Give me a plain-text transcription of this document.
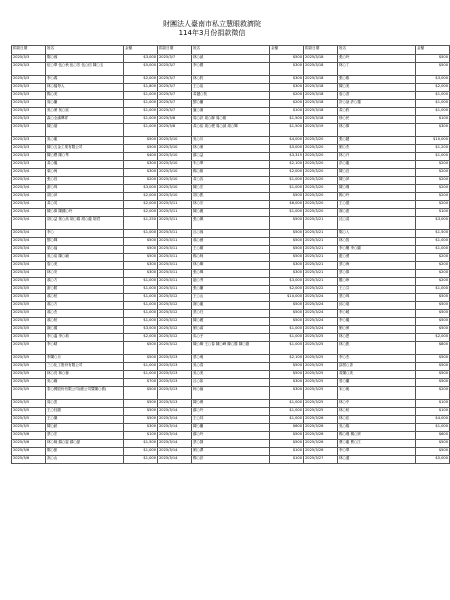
財團法人臺南市私立慧眼救濟院
114年3月份捐款徵信
捐款日期	姓名	金額	捐款日期	姓名	金額	捐款日期	姓名	金額
2025/3/3	鄭○蓉	$3,000	2025/3/7	林○誠	$500	2025/3/18	張○玲	$500
2025/3/3	伍○華 伍○秋 伍○芳 伍○信 陳○玉	$5,000	2025/3/7	李○國	$300	2025/3/18	林○丁	$500
2025/3/3	李○義	$2,000	2025/3/7	林○鈞	$300	2025/3/18	張○雄	$3,000
2025/3/3	林○檔每人	$1,800	2025/3/7	王○宸	$300	2025/3/18	陳○美	$2,000
2025/3/3	楊○美	$1,000	2025/3/7	黃鍵○枝	$200	2025/3/18	詹○香	$1,000
2025/3/3	周○蘭	$1,000	2025/3/7	鄧○蘭	$200	2025/3/18	許○劭 許○蕙	$1,000
2025/3/3	吳○蓁 吳○宸	$1,000	2025/3/7	盧○濱	$100	2025/3/18	黃○鈞	$1,000
2025/3/3	森○全滿傳祥	$1,000	2025/3/8	周○諺 周○御 周○雄	$1,500	2025/3/18	徐○民	$100
2025/3/3	陳○瑞	$1,000	2025/3/8	黃○裕 周○俊 周○誠 周○輝	$1,500	2025/3/19	林○偉	$300
2025/3/3	吳○龍	$500	2025/3/10	吳○川	$4,000	2025/3/20	張○鍵	$10,000
2025/3/3	陳○五金工業有限公司	$500	2025/3/10	林○蓁	$5,000	2025/3/20	劉○杰	$1,200
2025/3/3	陳○標 陳○琴	$400	2025/3/10	蘇○益	$3,315	2025/3/20	林○升	$1,000
2025/3/3	黃○儀	$300	2025/3/10	朱○華	$2,100	2025/3/20	洪○龍	$200
2025/3/4	葉○崗	$300	2025/3/10	楊○雄	$2,000	2025/3/20	陳○宜	$200
2025/3/4	張○昌	$200	2025/3/10	黃○容	$1,000	2025/3/20	陳○萍	$200
2025/3/4	游○珠	$3,000	2025/3/10	陳○宏	$1,000	2025/3/20	陳○瑾	$200
2025/3/4	胡○萍	$2,000	2025/3/10	胡○凱	$500	2025/3/20	楊○玲	$200
2025/3/4	黃○英	$2,000	2025/3/11	林○宗	$6,000	2025/3/20	王○德	$200
2025/3/4	陳○偉 陳鍾○玲	$2,000	2025/3/11	陳○麗	$1,000	2025/3/20	謝○惠	$100
2025/3/4	胡○益 郭○高 胡○娟 胡○龍 胡君	$1,250	2025/3/11	張○佩	$500	2025/3/21	沈○清	$3,000
2025/3/4	李○	$1,000	2025/3/11	呂○蓉	$500	2025/3/21	鄭○入	$1,500
2025/3/4	鄧○輝	$500	2025/3/11	翁○薇	$500	2025/3/21	林○智	$1,000
2025/3/4	梁○福	$500	2025/3/11	王○媚	$500	2025/3/21	李○權 李○圓	$1,000
2025/3/4	吳○宸 陳○穎	$500	2025/3/11	楊○柯	$500	2025/3/21	藍○勇	$200
2025/3/4	詹○美	$300	2025/3/11	林○卿	$300	2025/3/21	蔡○海	$200
2025/3/4	林○安	$300	2025/3/11	張○嬅	$300	2025/3/21	蔡○偉	$200
2025/3/5	翁○方	$1,000	2025/3/11	趙○秀	$3,000	2025/3/21	羅○珍	$200
2025/3/5	游○勝	$1,000	2025/3/11	張○蘭	$2,000	2025/3/22	王○芬	$1,000
2025/3/5	翁○柏	$1,000	2025/3/12	王○山	$10,000	2025/3/24	蔡○珠	$500
2025/3/5	翁○方	$1,000	2025/3/12	謝○龍	$500	2025/3/24	邱○瑞	$500
2025/3/5	翁○杰	$1,000	2025/3/12	蔡○玨	$500	2025/3/24	李○暖	$500
2025/3/5	翁○柏	$1,000	2025/3/12	陳○麗	$500	2025/3/24	李○儀	$500
2025/3/5	謝○蕙	$3,000	2025/3/12	劉○睿	$1,000	2025/3/24	劉○保	$500
2025/3/5	李○溫 李○莉	$2,000	2025/3/12	馬○予	$1,000	2025/3/25	林○恩	$2,000
2025/3/5	李○晴	$500	2025/3/12	陳○卿 王○春 陳○峰 陳○勝 陳○德	$1,000	2025/3/25	林○凱	$800
2025/3/5	李陳○月	$500	2025/3/13	蔡○萌	$2,100	2025/3/25	李○杰	$500
2025/3/5	三○化工股份有限公司	$1,000	2025/3/13	吳○春	$500	2025/3/25	邵蔡○香	$500
2025/3/5	林○亮 林○蓉	$1,000	2025/3/13	吳○美	$500	2025/3/25	黃陳○美	$500
2025/3/5	吳○嬌	$700	2025/3/13	呂○如	$300	2025/3/25	曾○蘭	$500
2025/3/5	泰○興股份有限公司(總公司暨陳○貴)	$500	2025/3/13	柯○倫	$300	2025/3/25	宋○朗	$200
2025/3/5	周○雲	$500	2025/3/13	陳○俐	$1,000	2025/3/25	林○中	$100
2025/3/5	王○杜鵑	$500	2025/3/14	蘇○玲	$1,000	2025/3/25	林○柏	$100
2025/3/5	王○傑	$500	2025/3/14	王○邦	$1,000	2025/3/26	林○佳	$4,000
2025/3/5	陳○鉉	$300	2025/3/14	陳○蘭	$600	2025/3/26	吳○燦	$1,000
2025/3/6	蔡○宏	$100	2025/3/14	蘇○玲	$500	2025/3/26	楊○瑾 楊○妍	$600
2025/3/6	林○娥 蘇○姿 蘇○晏	$1,500	2025/3/14	蔡○靜	$500	2025/3/26	曹○龍 曹○江	$500
2025/3/6	鄭○郎	$1,000	2025/3/14	劉○澤	$100	2025/3/26	李○華	$500
2025/3/6	高○山	$1,000	2025/3/14	楊○諺	$100	2025/3/27	林○通	$5,000
